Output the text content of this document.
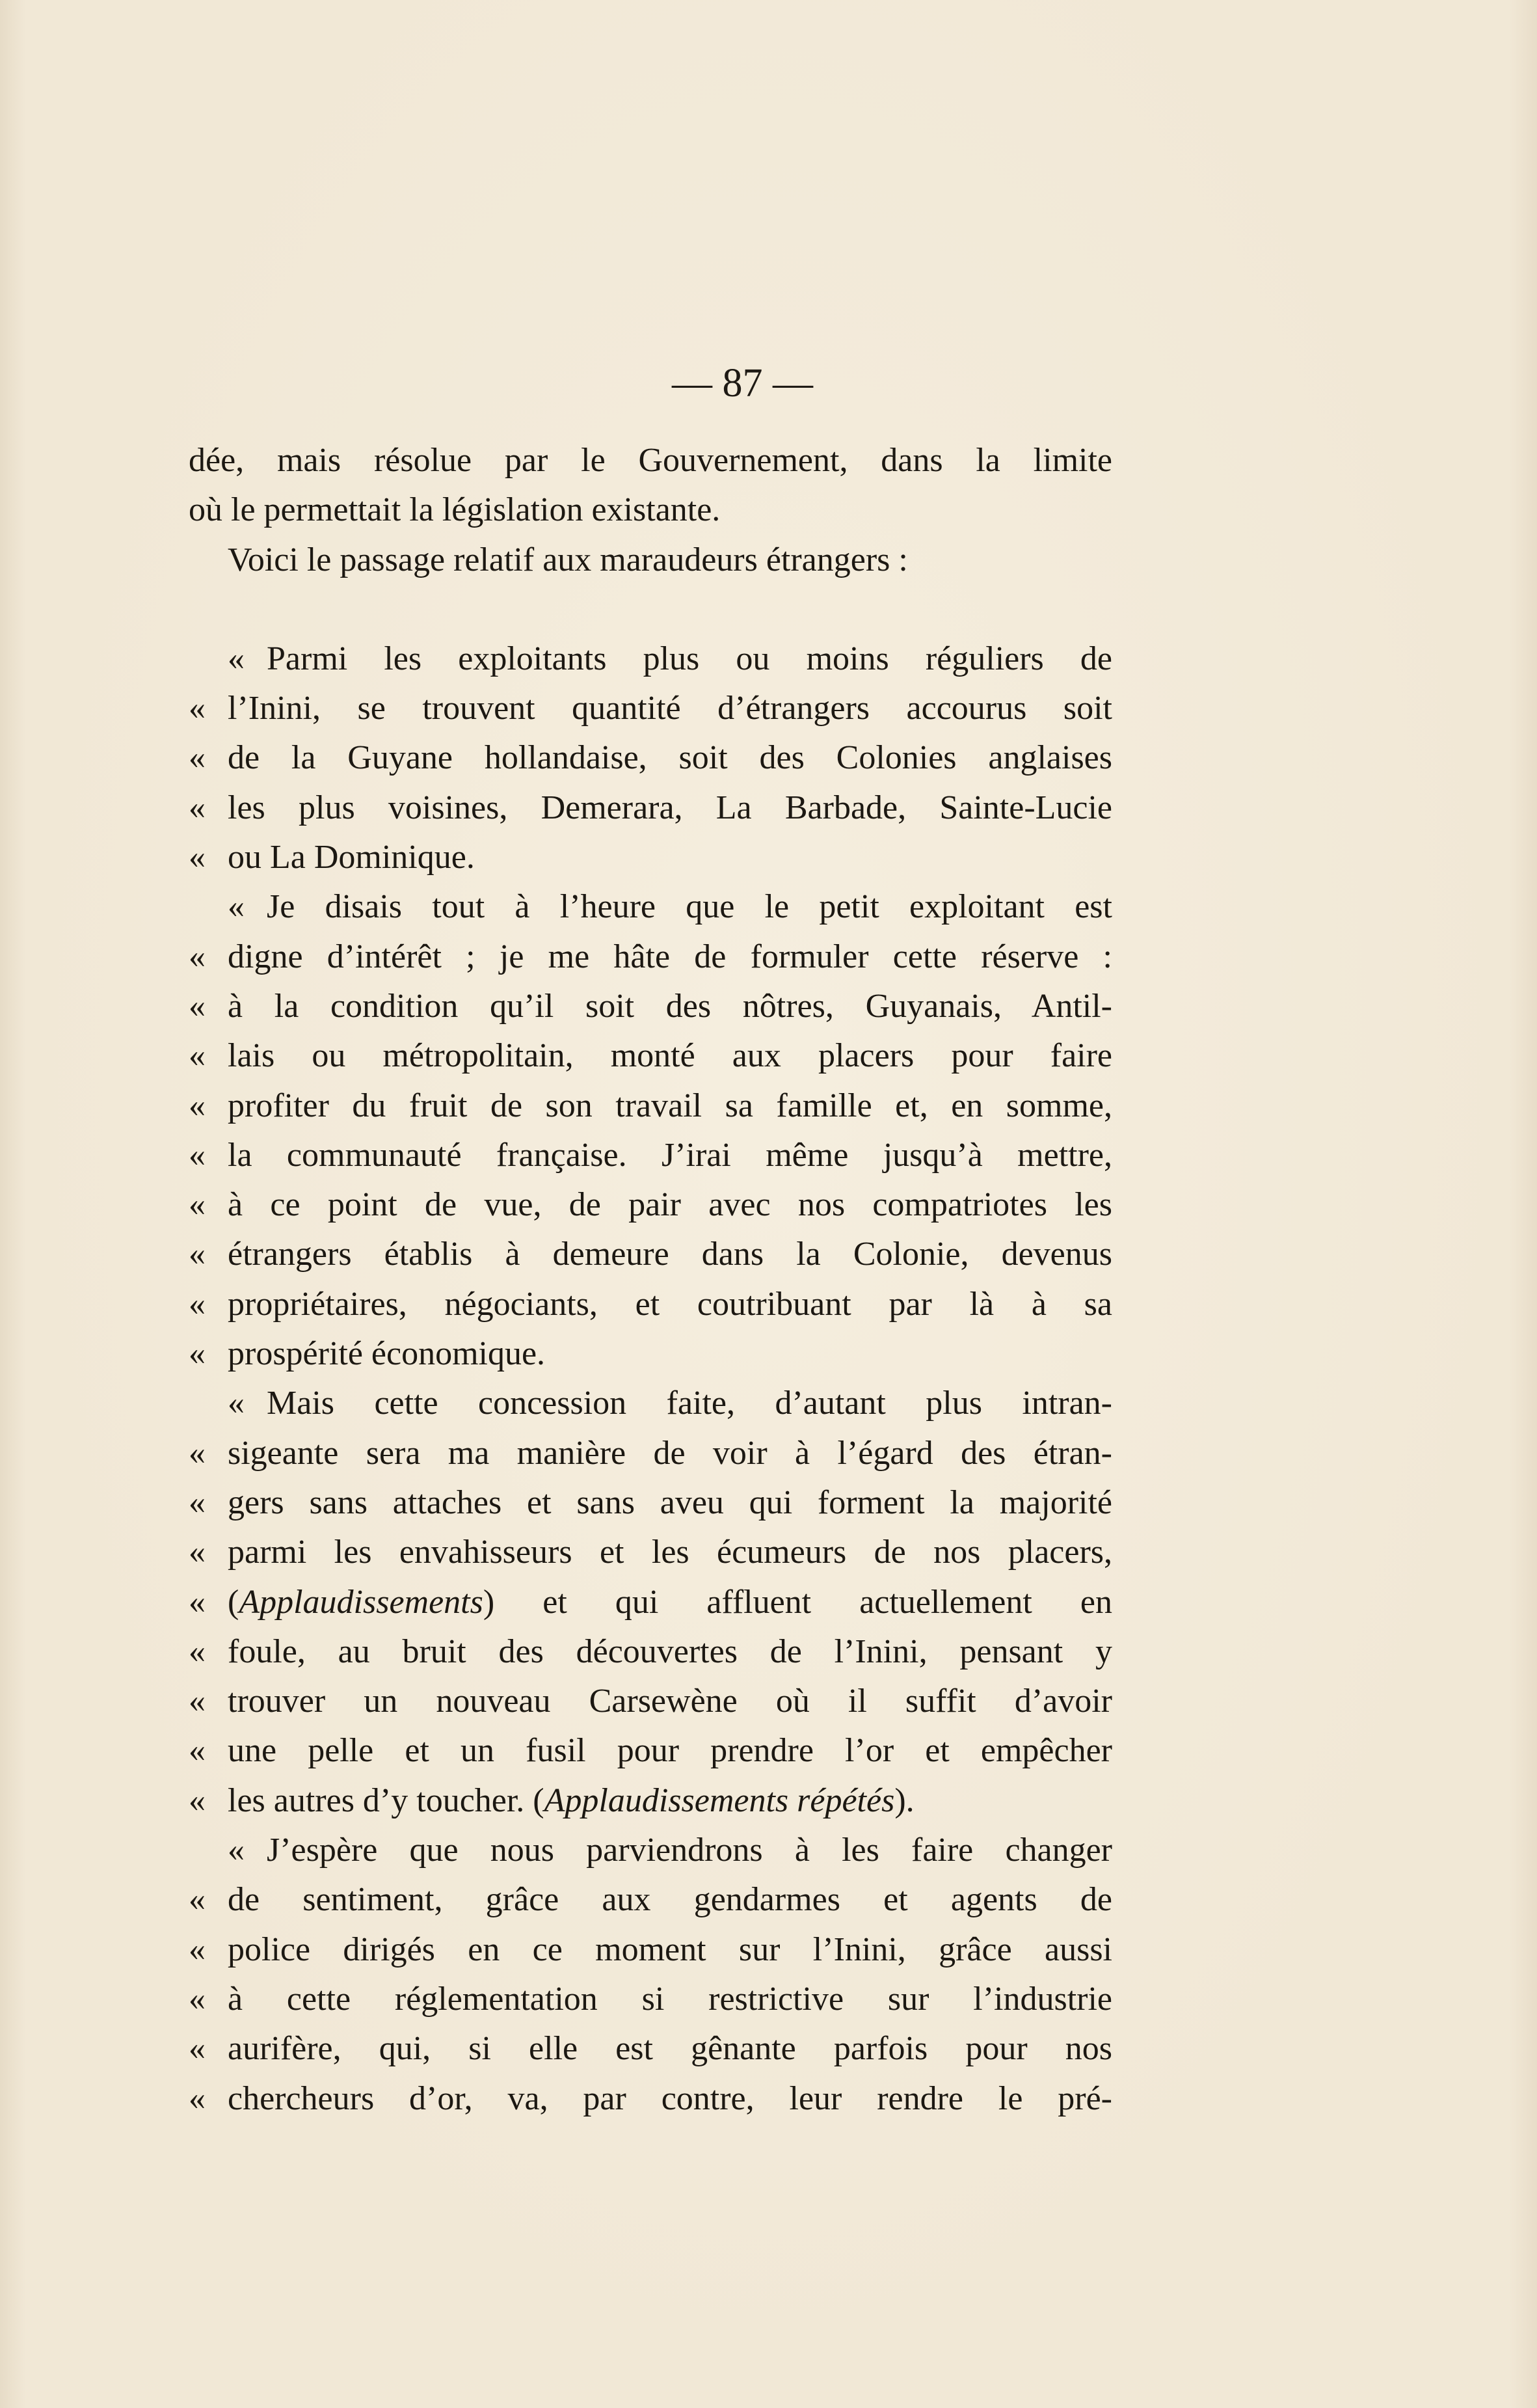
— 87 —
dée, mais résolue par le Gouvernement, dans la limite
où le permettait la législation existante.
Voici le passage relatif aux maraudeurs étrangers :
« Parmi les exploitants plus ou moins réguliers de
« l’Inini, se trouvent quantité d’étrangers accourus soit
« de la Guyane hollandaise, soit des Colonies anglaises
« les plus voisines, Demerara, La Barbade, Sainte-Lucie
« ou La Dominique.
« Je disais tout à l’heure que le petit exploitant est
« digne d’intérêt ; je me hâte de formuler cette réserve :
« à la condition qu’il soit des nôtres, Guyanais, Antil-
« lais ou métropolitain, monté aux placers pour faire
« profiter du fruit de son travail sa famille et, en somme,
« la communauté française. J’irai même jusqu’à mettre,
« à ce point de vue, de pair avec nos compatriotes les
« étrangers établis à demeure dans la Colonie, devenus
« propriétaires, négociants, et coutribuant par là à sa
« prospérité économique.
« Mais cette concession faite, d’autant plus intran-
« sigeante sera ma manière de voir à l’égard des étran-
« gers sans attaches et sans aveu qui forment la majorité
« parmi les envahisseurs et les écumeurs de nos placers,
« (Applaudissements) et qui affluent actuellement en
« foule, au bruit des découvertes de l’Inini, pensant y
« trouver un nouveau Carsewène où il suffit d’avoir
« une pelle et un fusil pour prendre l’or et empêcher
« les autres d’y toucher. (Applaudissements répétés).
« J’espère que nous parviendrons à les faire changer
« de sentiment, grâce aux gendarmes et agents de
« police dirigés en ce moment sur l’Inini, grâce aussi
« à cette réglementation si restrictive sur l’industrie
« aurifère, qui, si elle est gênante parfois pour nos
« chercheurs d’or, va, par contre, leur rendre le pré-
